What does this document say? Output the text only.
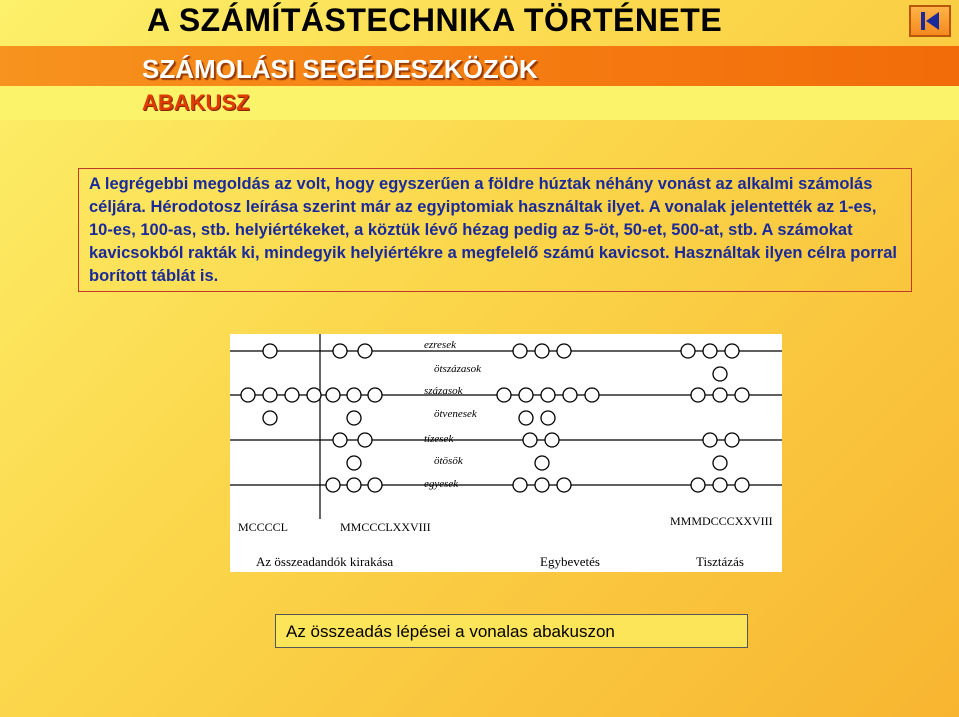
A SZÁMÍTÁSTECHNIKA TÖRTÉNETE
SZÁMOLÁSI SEGÉDESZKÖZÖK
ABAKUSZ
A legrégebbi megoldás az volt, hogy egyszerűen a földre húztak néhány vonást az alkalmi számolás céljára. Hérodotosz leírása szerint már az egyiptomiak használtak ilyet. A vonalak jelentették az 1-es, 10-es, 100-as, stb. helyiértékeket, a köztük lévő hézag pedig az 5-öt, 50-et, 500-at, stb. A számokat kavicsokból rakták ki, mindegyik helyiértékre a megfelelő számú kavicsot. Használtak ilyen célra porral borított táblát is.
ezresek
ötszázasok
százasok
ötvenesek
tízesek
ötösök
egyesek
MCCCCL	MMCCCLXXVIII	MMMDCCCXXVIII
Az összeadandók kirakása	Egybevetés	Tisztázás
Az összeadás lépései a vonalas abakuszon
